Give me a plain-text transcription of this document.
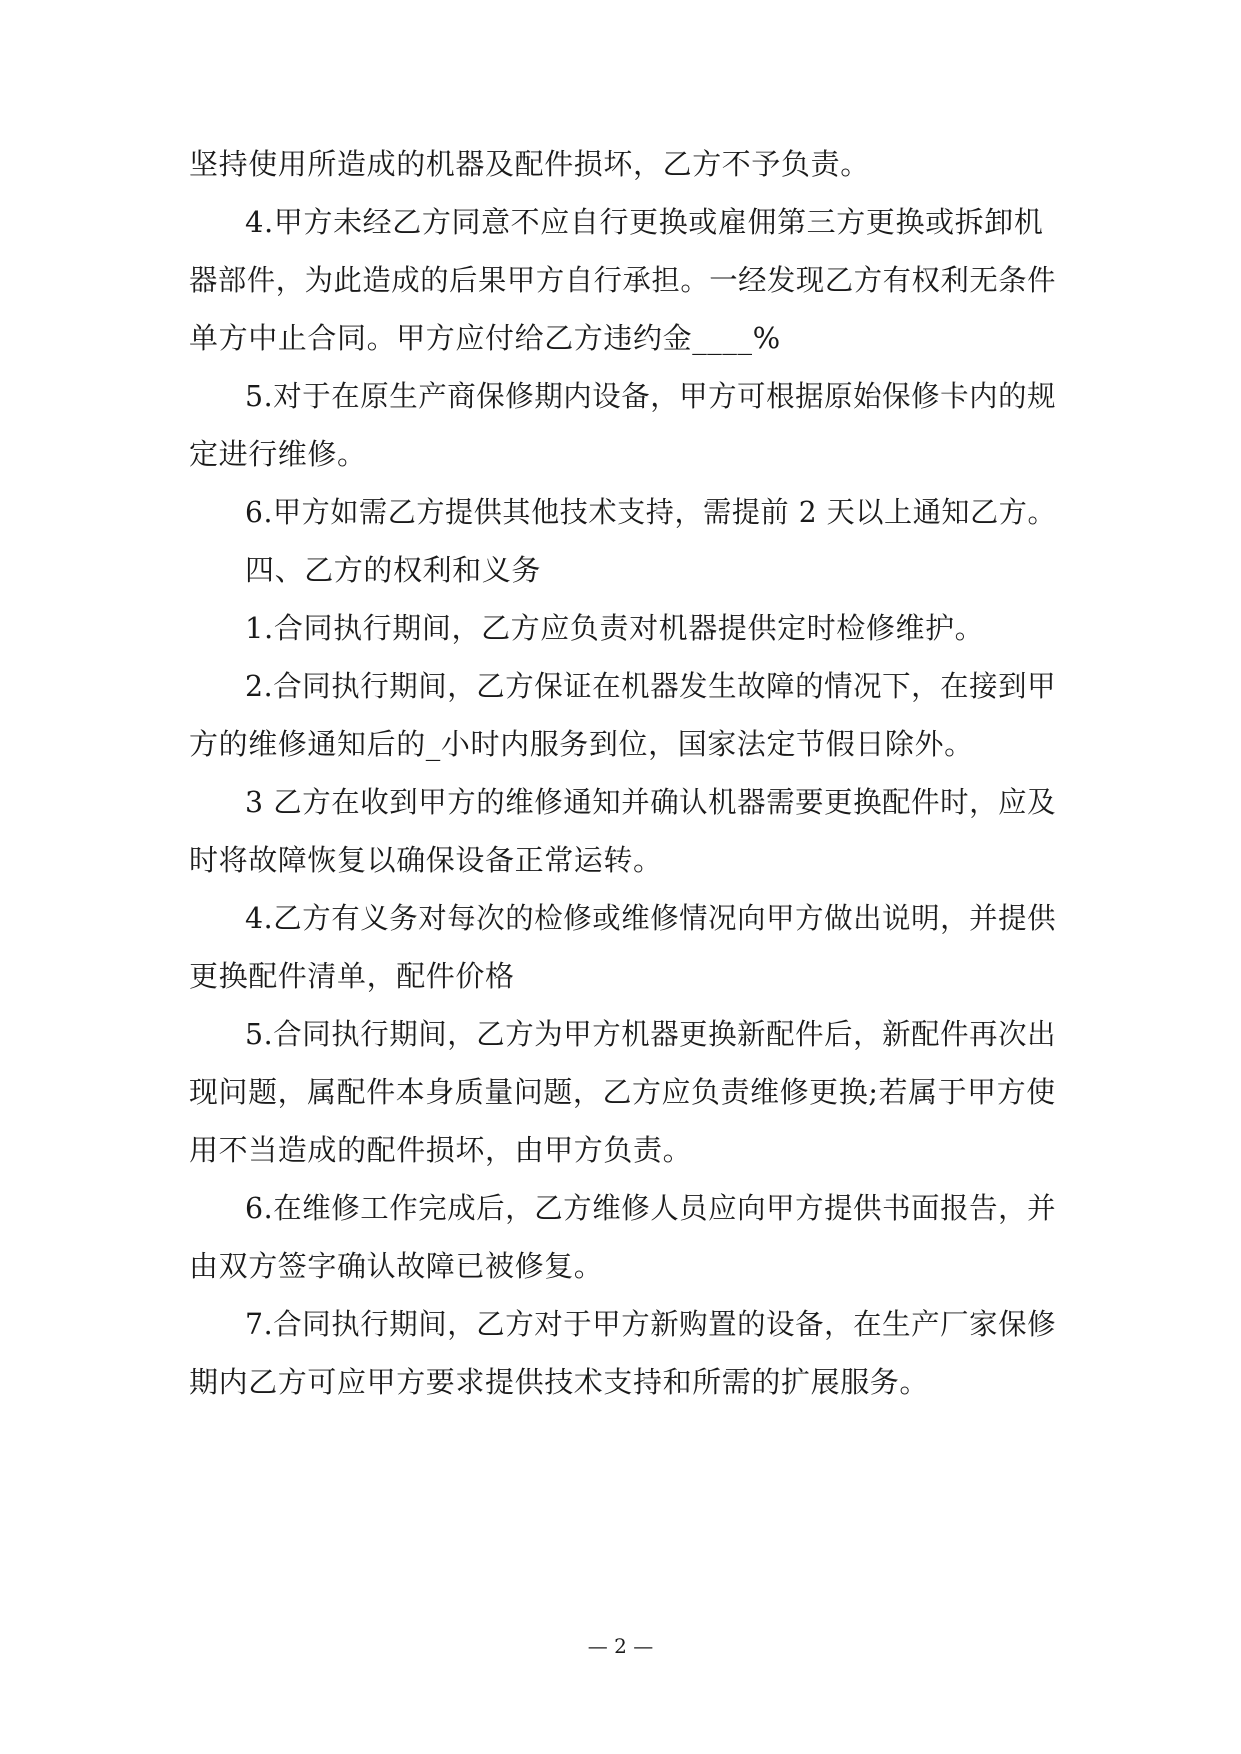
坚持使用所造成的机器及配件损坏，乙方不予负责。
4.甲方未经乙方同意不应自行更换或雇佣第三方更换或拆卸机
器部件，为此造成的后果甲方自行承担。一经发现乙方有权利无条件
单方中止合同。甲方应付给乙方违约金____%
5.对于在原生产商保修期内设备，甲方可根据原始保修卡内的规
定进行维修。
6.甲方如需乙方提供其他技术支持，需提前 2 天以上通知乙方。
四、乙方的权利和义务
1.合同执行期间，乙方应负责对机器提供定时检修维护。
2.合同执行期间，乙方保证在机器发生故障的情况下，在接到甲
方的维修通知后的_小时内服务到位，国家法定节假日除外。
3 乙方在收到甲方的维修通知并确认机器需要更换配件时，应及
时将故障恢复以确保设备正常运转。
4.乙方有义务对每次的检修或维修情况向甲方做出说明，并提供
更换配件清单，配件价格
5.合同执行期间，乙方为甲方机器更换新配件后，新配件再次出
现问题，属配件本身质量问题，乙方应负责维修更换;若属于甲方使
用不当造成的配件损坏，由甲方负责。
6.在维修工作完成后，乙方维修人员应向甲方提供书面报告，并
由双方签字确认故障已被修复。
7.合同执行期间，乙方对于甲方新购置的设备，在生产厂家保修
期内乙方可应甲方要求提供技术支持和所需的扩展服务。
— 2 —
